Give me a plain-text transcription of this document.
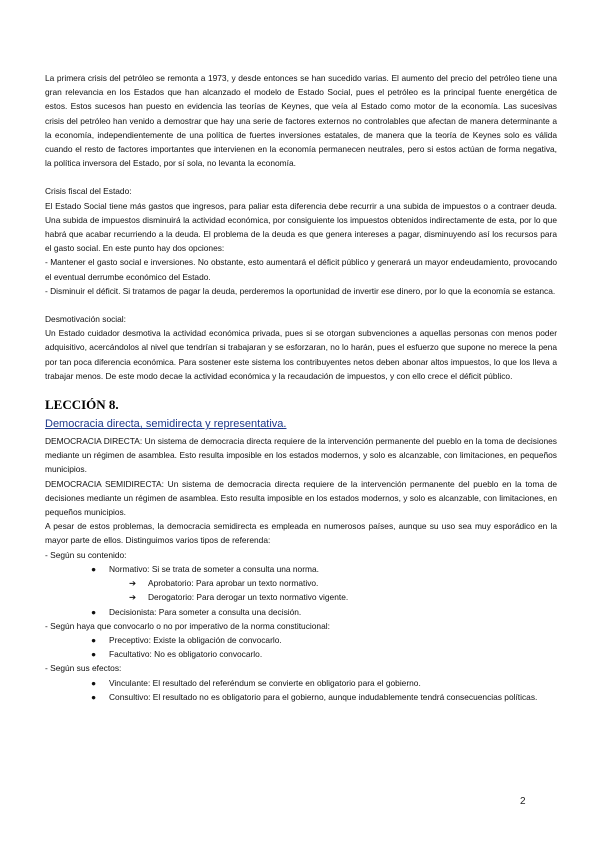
La primera crisis del petróleo se remonta a 1973, y desde entonces se han sucedido varias. El aumento del precio del petróleo tiene una gran relevancia en los Estados que han alcanzado el modelo de Estado Social, pues el petróleo es la principal fuente energética de estos. Estos sucesos han puesto en evidencia las teorías de Keynes, que veía al Estado como motor de la economía. Las sucesivas crisis del petróleo han venido a demostrar que hay una serie de factores externos no controlables que afectan de manera determinante a la economía, independientemente de una política de fuertes inversiones estatales, de manera que la teoría de Keynes solo es válida cuando el resto de factores importantes que intervienen en la economía permanecen neutrales, pero si estos actúan de forma negativa, la política inversora del Estado, por sí sola, no levanta la economía.

Crisis fiscal del Estado:

El Estado Social tiene más gastos que ingresos, para paliar esta diferencia debe recurrir a una subida de impuestos o a contraer deuda. Una subida de impuestos disminuirá la actividad económica, por consiguiente los impuestos obtenidos indirectamente de esta, por lo que habrá que acabar recurriendo a la deuda. El problema de la deuda es que genera intereses a pagar, disminuyendo así los recursos para el gasto social. En este punto hay dos opciones:

- Mantener el gasto social e inversiones. No obstante, esto aumentará el déficit público y generará un mayor endeudamiento, provocando el eventual derrumbe económico del Estado.

- Disminuir el déficit. Si tratamos de pagar la deuda, perderemos la oportunidad de invertir ese dinero, por lo que la economía se estanca.

Desmotivación social:

Un Estado cuidador desmotiva la actividad económica privada, pues si se otorgan subvenciones a aquellas personas con menos poder adquisitivo, acercándolos al nivel que tendrían si trabajaran y se esforzaran, no lo harán, pues el esfuerzo que supone no merece la pena por tan poca diferencia económica. Para sostener este sistema los contribuyentes netos deben abonar altos impuestos, lo que los lleva a trabajar menos. De este modo decae la actividad económica y la recaudación de impuestos, y con ello crece el déficit público.

LECCIÓN 8.

Democracia directa, semidirecta y representativa.

DEMOCRACIA DIRECTA: Un sistema de democracia directa requiere de la intervención permanente del pueblo en la toma de decisiones mediante un régimen de asamblea. Esto resulta imposible en los estados modernos, y solo es alcanzable, con limitaciones, en pequeños municipios.

DEMOCRACIA SEMIDIRECTA: Un sistema de democracia directa requiere de la intervención permanente del pueblo en la toma de decisiones mediante un régimen de asamblea. Esto resulta imposible en los estados modernos, y solo es alcanzable, con limitaciones, en pequeños municipios.

A pesar de estos problemas, la democracia semidirecta es empleada en numerosos países, aunque su uso sea muy esporádico en la mayor parte de ellos. Distinguimos varios tipos de referenda:

- Según su contenido:

● Normativo: Si se trata de someter a consulta una norma.
➔ Aprobatorio: Para aprobar un texto normativo.
➔ Derogatorio: Para derogar un texto normativo vigente.
● Decisionista: Para someter a consulta una decisión.

- Según haya que convocarlo o no por imperativo de la norma constitucional:

● Preceptivo: Existe la obligación de convocarlo.
● Facultativo: No es obligatorio convocarlo.

- Según sus efectos:

● Vinculante: El resultado del referéndum se convierte en obligatorio para el gobierno.
● Consultivo: El resultado no es obligatorio para el gobierno, aunque indudablemente tendrá consecuencias políticas.
2
